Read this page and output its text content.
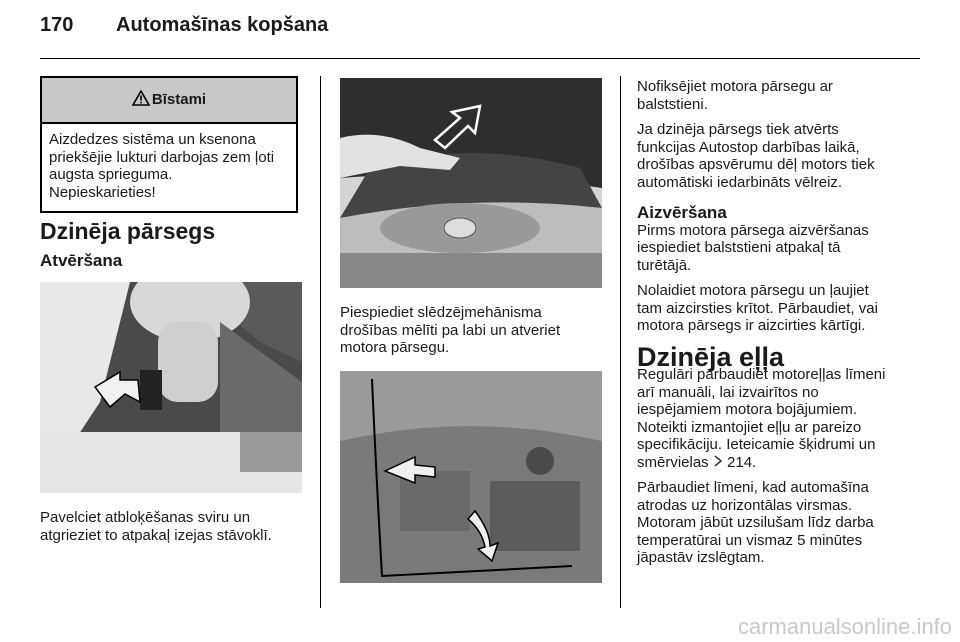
170 Automašīnas kopšana
Bīstami
Aizdedzes sistēma un ksenona
priekšējie lukturi darbojas zem ļoti
augsta sprieguma.
Nepieskarieties!
Dzinēja pārsegs
Atvēršana
Pavelciet atbloķēšanas sviru un
atgrieziet to atpakaļ izejas stāvoklī.
Piespiediet slēdzējmehānisma
drošības mēlīti pa labi un atveriet
motora pārsegu.

Nofiksējiet motora pārsegu ar
balststieni.

Ja dzinēja pārsegs tiek atvērts
funkcijas Autostop darbības laikā,
drošības apsvērumu dēļ motors tiek
automātiski iedarbināts vēlreiz.

Aizvēršana

Pirms motora pārsega aizvēršanas
iespiediet balststieni atpakaļ tā
turētājā.

Nolaidiet motora pārsegu un ļaujiet
tam aizcirsties krītot. Pārbaudiet, vai
motora pārsegs ir aizcirties kārtīgi.

Dzinēja eļļa

Regulāri pārbaudiet motoreļļas līmeni
arī manuāli, lai izvairītos no
iespējamiem motora bojājumiem.
Noteikti izmantojiet eļļu ar pareizo
specifikāciju. Ieteicamie šķidrumi un
smērvielas 214.

Pārbaudiet līmeni, kad automašīna
atrodas uz horizontālas virsmas.
Motoram jābūt uzsilušam līdz darba
temperatūrai un vismaz 5 minūtes
jāpastāv izslēgtam.

carmanualsonline.info
